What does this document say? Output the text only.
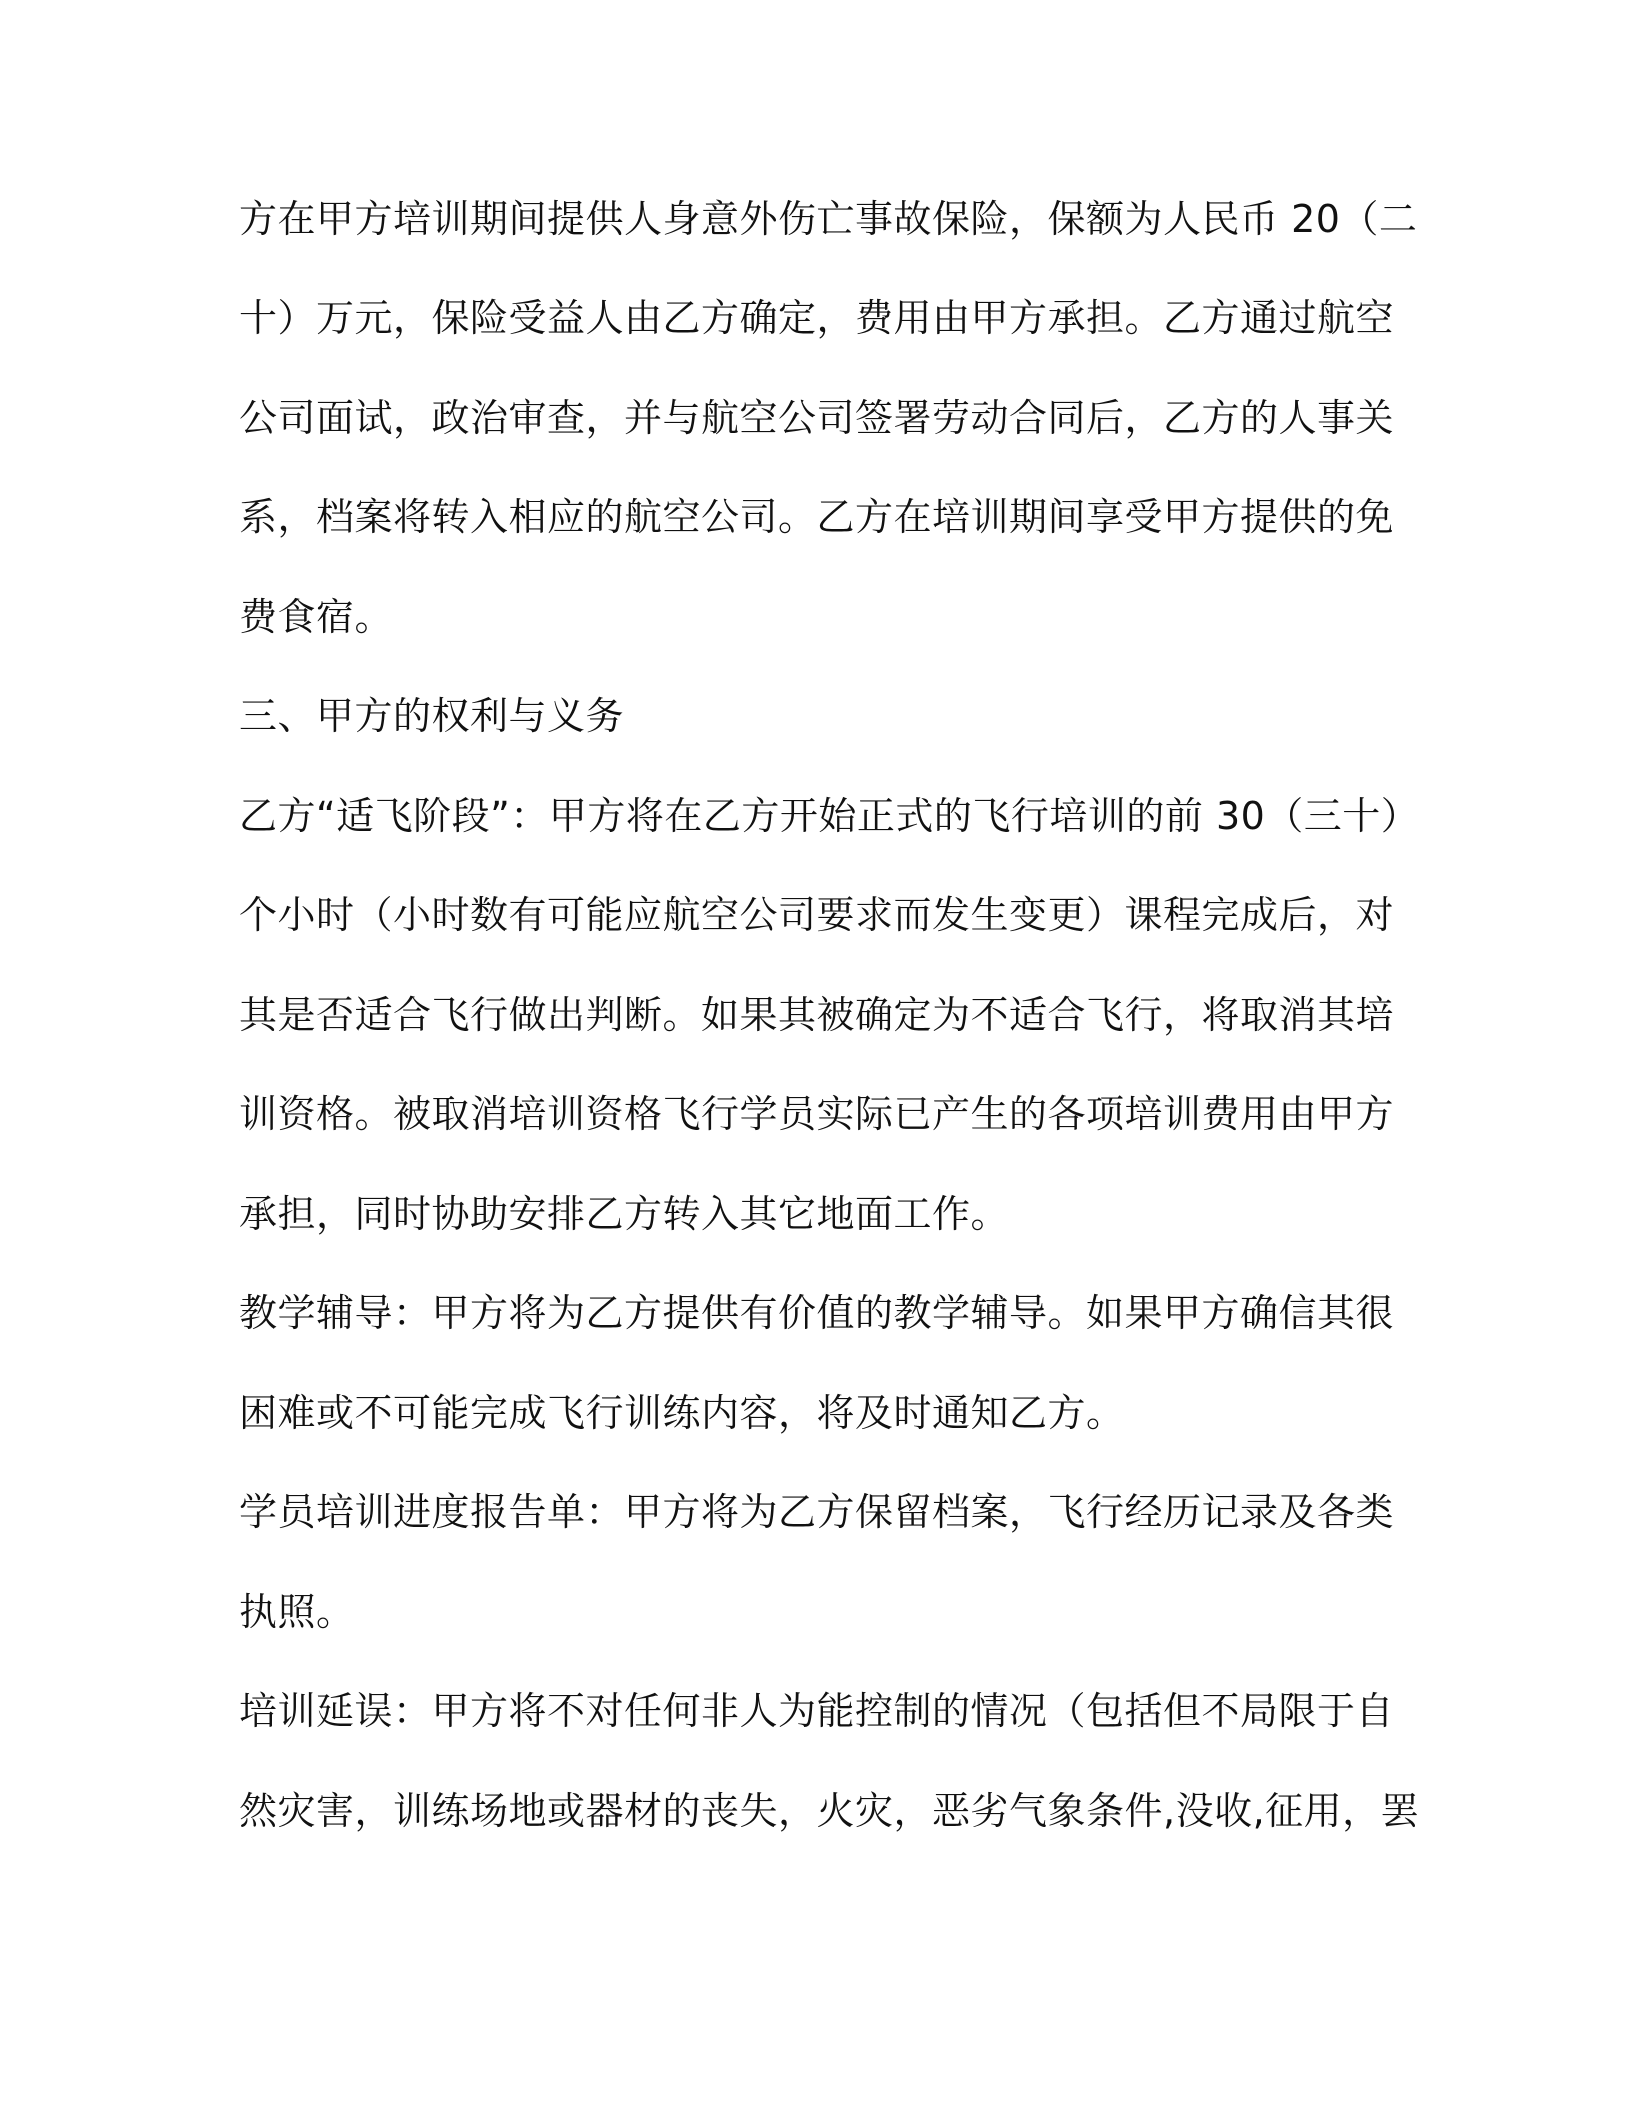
方在甲方培训期间提供人身意外伤亡事故保险，保额为人民币 20（二
十）万元，保险受益人由乙方确定，费用由甲方承担。乙方通过航空
公司面试，政治审查，并与航空公司签署劳动合同后，乙方的人事关
系，档案将转入相应的航空公司。乙方在培训期间享受甲方提供的免
费食宿。
三、甲方的权利与义务
乙方“适飞阶段”：甲方将在乙方开始正式的飞行培训的前 30（三十）
个小时（小时数有可能应航空公司要求而发生变更）课程完成后，对
其是否适合飞行做出判断。如果其被确定为不适合飞行，将取消其培
训资格。被取消培训资格飞行学员实际已产生的各项培训费用由甲方
承担，同时协助安排乙方转入其它地面工作。
教学辅导：甲方将为乙方提供有价值的教学辅导。如果甲方确信其很
困难或不可能完成飞行训练内容，将及时通知乙方。
学员培训进度报告单：甲方将为乙方保留档案，飞行经历记录及各类
执照。
培训延误：甲方将不对任何非人为能控制的情况（包括但不局限于自
然灾害，训练场地或器材的丧失，火灾，恶劣气象条件,没收,征用，罢
